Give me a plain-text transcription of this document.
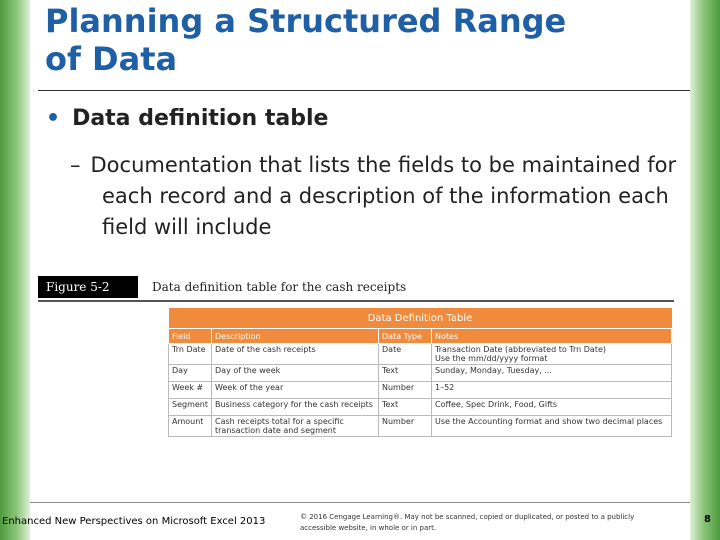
Planning a Structured Range of Data
• Data definition table
– Documentation that lists the fields to be maintained for each record and a description of the information each field will include
Figure 5-2	Data definition table for the cash receipts
Data Definition Table			
Field	Description	Data Type	Notes
Trn Date	Date of the cash receipts	Date	Transaction Date (abbreviated to Trn Date)
Use the mm/dd/yyyy format
Day	Day of the week	Text	Sunday, Monday, Tuesday, ...
Week #	Week of the year	Number	1–52
Segment	Business category for the cash receipts	Text	Coffee, Spec Drink, Food, Gifts
Amount	Cash receipts total for a specific transaction date and segment	Number	Use the Accounting format and show two decimal places
Enhanced New Perspectives on Microsoft Excel 2013	© 2016 Cengage Learning®. May not be scanned, copied or duplicated, or posted to a publicly accessible website, in whole or in part.
8
